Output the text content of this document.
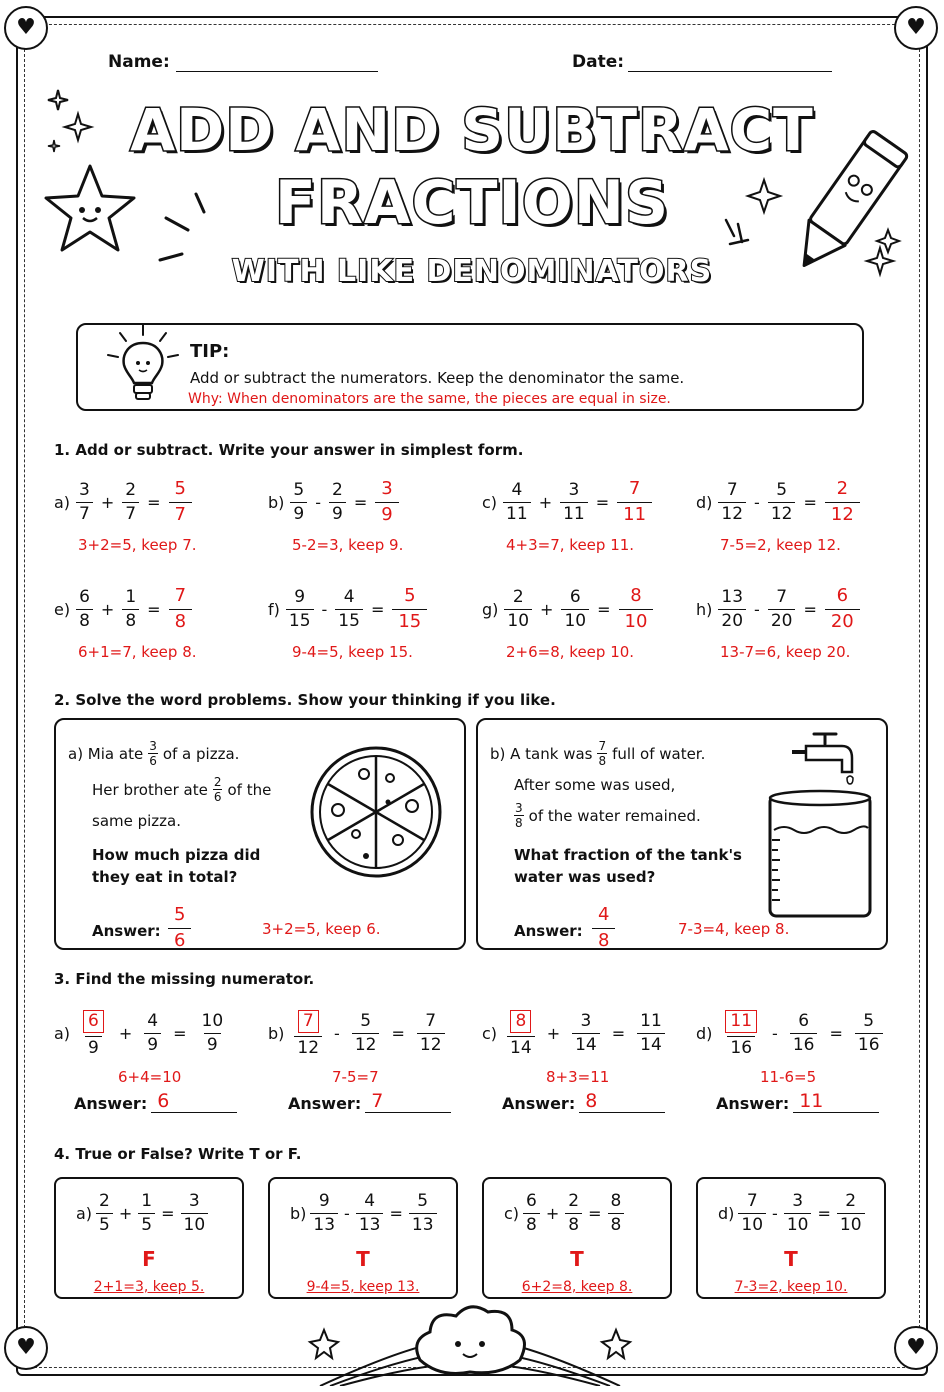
♥	♥
♥	♥
Name:	Date:
ADD AND SUBTRACT
FRACTIONS
WITH LIKE DENOMINATORS
TIP:
Add or subtract the numerators. Keep the denominator the same.
Why: When denominators are the same, the pieces are equal in size.
1. Add or subtract. Write your answer in simplest form.
$a) \frac{3}{7} + \frac{2}{7} = \frac{5}{7}$
3+2=5, keep 7.
$b) \frac{5}{9} - \frac{2}{9} = \frac{3}{9}$
5-2=3, keep 9.
$c) \frac{4}{11} + \frac{3}{11} = \frac{7}{11}$
4+3=7, keep 11.
$d) \frac{7}{12} - \frac{5}{12} = \frac{2}{12}$
7-5=2, keep 12.
$e) \frac{6}{8} + \frac{1}{8} = \frac{7}{8}$
6+1=7, keep 8.
$f) \frac{9}{15} - \frac{4}{15} = \frac{5}{15}$
9-4=5, keep 15.
$g) \frac{2}{10} + \frac{6}{10} = \frac{8}{10}$
2+6=8, keep 10.
$h) \frac{13}{20} - \frac{7}{20} = \frac{6}{20}$
13-7=6, keep 20.
2. Solve the word problems. Show your thinking if you like.
a) Mia ate $\frac{3}{6}$ of a pizza.
Her brother ate $\frac{2}{6}$ of the
same pizza.
How much pizza did
they eat in total?
Answer: $\frac{5}{6}$	3+2=5, keep 6.
b) A tank was $\frac{7}{8}$ full of water.
After some was used,
$\frac{3}{8}$ of the water remained.
What fraction of the tank's
water was used?
Answer: $\frac{4}{8}$	7-3=4, keep 8.
3. Find the missing numerator.
$a) \frac{6}{9} + \frac{4}{9} = \frac{10}{9}$
6+4=10
Answer: 6
$b) \frac{7}{12} - \frac{5}{12} = \frac{7}{12}$
7-5=7
Answer: 7
$c) \frac{8}{14} + \frac{3}{14} = \frac{11}{14}$
8+3=11
Answer: 8
$d) \frac{11}{16} - \frac{6}{16} = \frac{5}{16}$
11-6=5
Answer: 11
4. True or False? Write T or F.
$a) \frac{2}{5} + \frac{1}{5} = \frac{3}{10}$
F
2+1=3, keep 5.
$b) \frac{9}{13} - \frac{4}{13} = \frac{5}{13}$
T
9-4=5, keep 13.
$c) \frac{6}{8} + \frac{2}{8} = \frac{8}{8}$
T
6+2=8, keep 8.
$d) \frac{7}{10} - \frac{3}{10} = \frac{2}{10}$
T
7-3=2, keep 10.
